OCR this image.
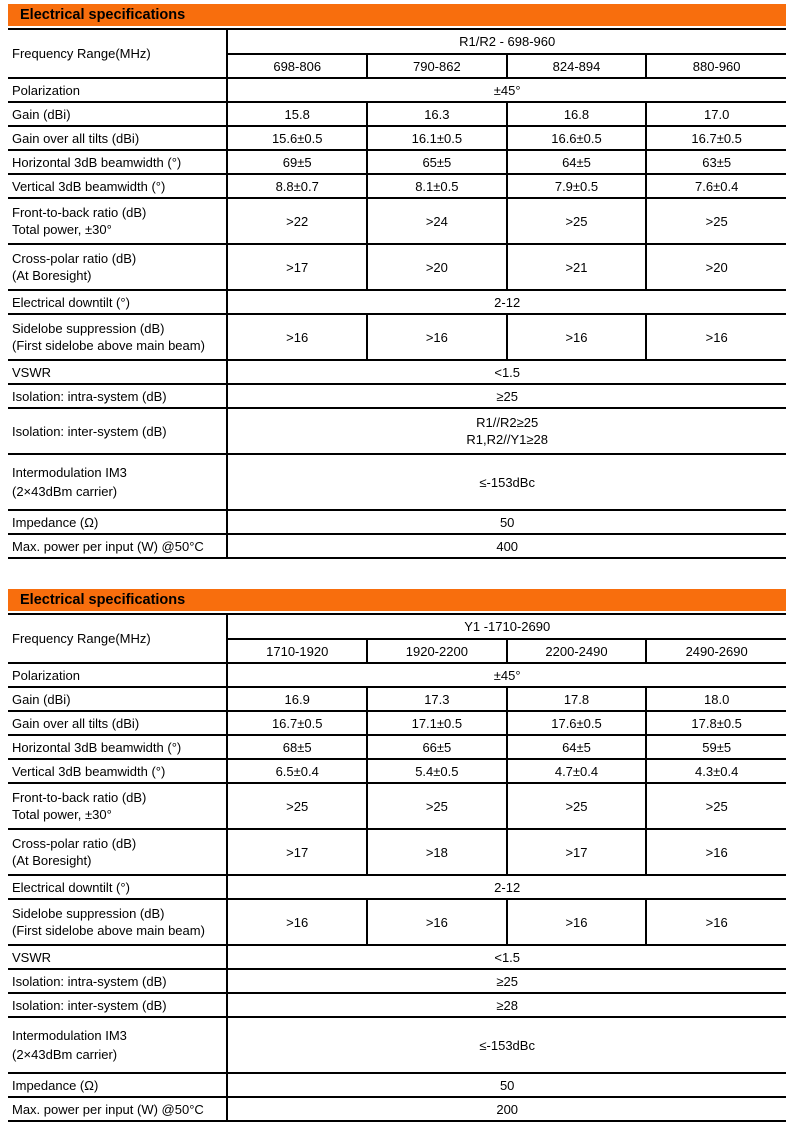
Electrical specifications
Frequency Range(MHz)	R1/R2 - 698-960			
	698-806	790-862	824-894	880-960

Polarization	±45°			

Gain (dBi)	15.8	16.3	16.8	17.0

Gain over all tilts (dBi)	15.6±0.5	16.1±0.5	16.6±0.5	16.7±0.5

Horizontal 3dB beamwidth (°)	69±5	65±5	64±5	63±5

Vertical 3dB beamwidth (°)	8.8±0.7	8.1±0.5	7.9±0.5	7.6±0.4

Front-to-back ratio (dB)
Total power, ±30°	>22	>24	>25	>25

Cross-polar ratio (dB)
(At Boresight)	>17	>20	>21	>20

Electrical downtilt (°)	2-12			

Sidelobe suppression (dB)
(First sidelobe above main beam)	>16	>16	>16	>16

VSWR	<1.5			

Isolation: intra-system (dB)	≥25			

Isolation: inter-system (dB)	R1//R2≥25
R1,R2//Y1≥28			

Intermodulation IM3
(2×43dBm carrier)	≤-153dBc			

Impedance (Ω)	50			

Max. power per input (W) @50°C	400			
Electrical specifications
Frequency Range(MHz)	Y1 -1710-2690			
	1710-1920	1920-2200	2200-2490	2490-2690

Polarization	±45°			

Gain (dBi)	16.9	17.3	17.8	18.0

Gain over all tilts (dBi)	16.7±0.5	17.1±0.5	17.6±0.5	17.8±0.5

Horizontal 3dB beamwidth (°)	68±5	66±5	64±5	59±5

Vertical 3dB beamwidth (°)	6.5±0.4	5.4±0.5	4.7±0.4	4.3±0.4

Front-to-back ratio (dB)
Total power, ±30°	>25	>25	>25	>25

Cross-polar ratio (dB)
(At Boresight)	>17	>18	>17	>16

Electrical downtilt (°)	2-12			

Sidelobe suppression (dB)
(First sidelobe above main beam)	>16	>16	>16	>16

VSWR	<1.5			

Isolation: intra-system (dB)	≥25			

Isolation: inter-system (dB)	≥28			

Intermodulation IM3
(2×43dBm carrier)	≤-153dBc			

Impedance (Ω)	50			

Max. power per input (W) @50°C	200			
